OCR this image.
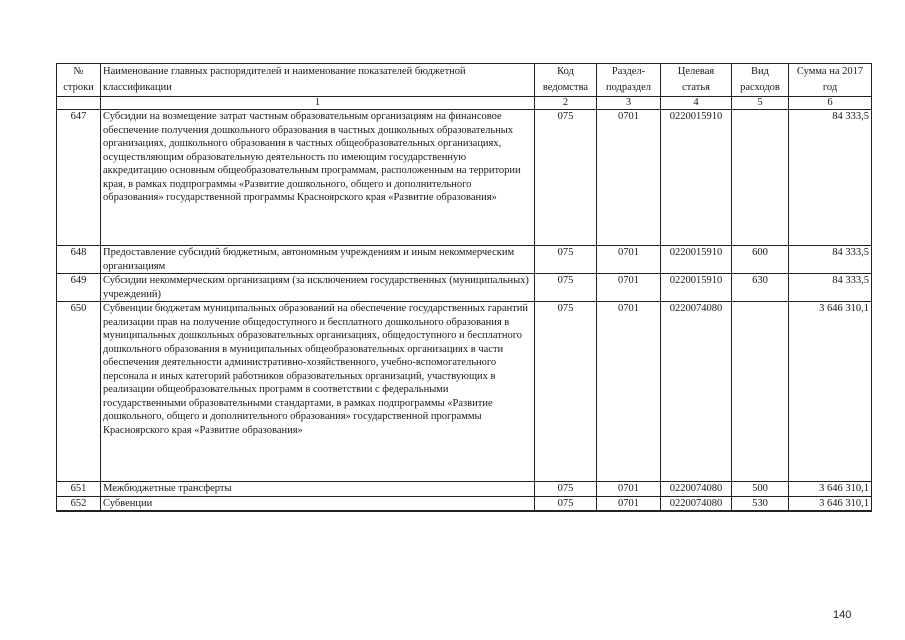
№ строки	Наименование главных распорядителей и наименование показателей бюджетной классификации	Код ведомства	Раздел-подраздел	Целевая статья	Вид расходов	Сумма на 2017 год
	1	2	3	4	5	6
647	Субсидии на возмещение затрат частным образовательным организациям на финансовое обеспечение получения дошкольного образования в частных дошкольных образовательных организациях, дошкольного образования в частных общеобразовательных организациях, осуществляющим образовательную деятельность по имеющим государственную аккредитацию основным общеобразовательным программам, расположенным на территории края, в рамках подпрограммы «Развитие дошкольного, общего и дополнительного образования» государственной программы Красноярского края «Развитие образования»	075	0701	0220015910		84 333,5
648	Предоставление субсидий бюджетным, автономным учреждениям и иным некоммерческим организациям	075	0701	0220015910	600	84 333,5
649	Субсидии некоммерческим организациям (за исключением государственных (муниципальных) учреждений)	075	0701	0220015910	630	84 333,5
650	Субвенции бюджетам муниципальных образований на обеспечение государственных гарантий реализации прав на получение общедоступного и бесплатного дошкольного образования в муниципальных дошкольных образовательных организациях, общедоступного и бесплатного дошкольного образования в муниципальных общеобразовательных организациях в части обеспечения деятельности административно-хозяйственного, учебно-вспомогательного персонала и иных категорий работников образовательных организаций, участвующих в реализации общеобразовательных программ в соответствии с федеральными государственными образовательными стандартами, в рамках подпрограммы «Развитие дошкольного, общего и дополнительного образования» государственной программы Красноярского края «Развитие образования»	075	0701	0220074080		3 646 310,1
651	Межбюджетные трансферты	075	0701	0220074080	500	3 646 310,1
652	Субвенции	075	0701	0220074080	530	3 646 310,1
140
